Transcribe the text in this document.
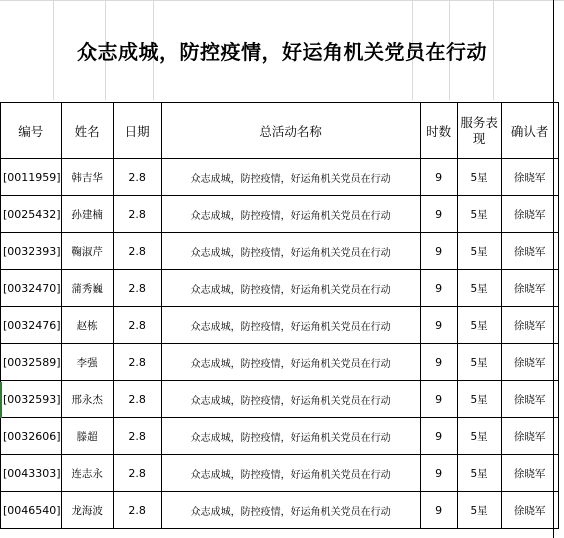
众志成城，防控疫情，好运角机关党员在行动
编号	姓名	日期	总活动名称	时数	服务表现	确认者
[0011959]	韩吉华	2.8	众志成城，防控疫情，好运角机关党员在行动	9	5星	徐晓军
[0025432]	孙建楠	2.8	众志成城，防控疫情，好运角机关党员在行动	9	5星	徐晓军
[0032393]	鞠淑芹	2.8	众志成城，防控疫情，好运角机关党员在行动	9	5星	徐晓军
[0032470]	蒲秀巍	2.8	众志成城，防控疫情，好运角机关党员在行动	9	5星	徐晓军
[0032476]	赵栋	2.8	众志成城，防控疫情，好运角机关党员在行动	9	5星	徐晓军
[0032589]	李强	2.8	众志成城，防控疫情，好运角机关党员在行动	9	5星	徐晓军
[0032593]	邢永杰	2.8	众志成城，防控疫情，好运角机关党员在行动	9	5星	徐晓军
[0032606]	滕超	2.8	众志成城，防控疫情，好运角机关党员在行动	9	5星	徐晓军
[0043303]	连志永	2.8	众志成城，防控疫情，好运角机关党员在行动	9	5星	徐晓军
[0046540]	龙海波	2.8	众志成城，防控疫情，好运角机关党员在行动	9	5星	徐晓军
